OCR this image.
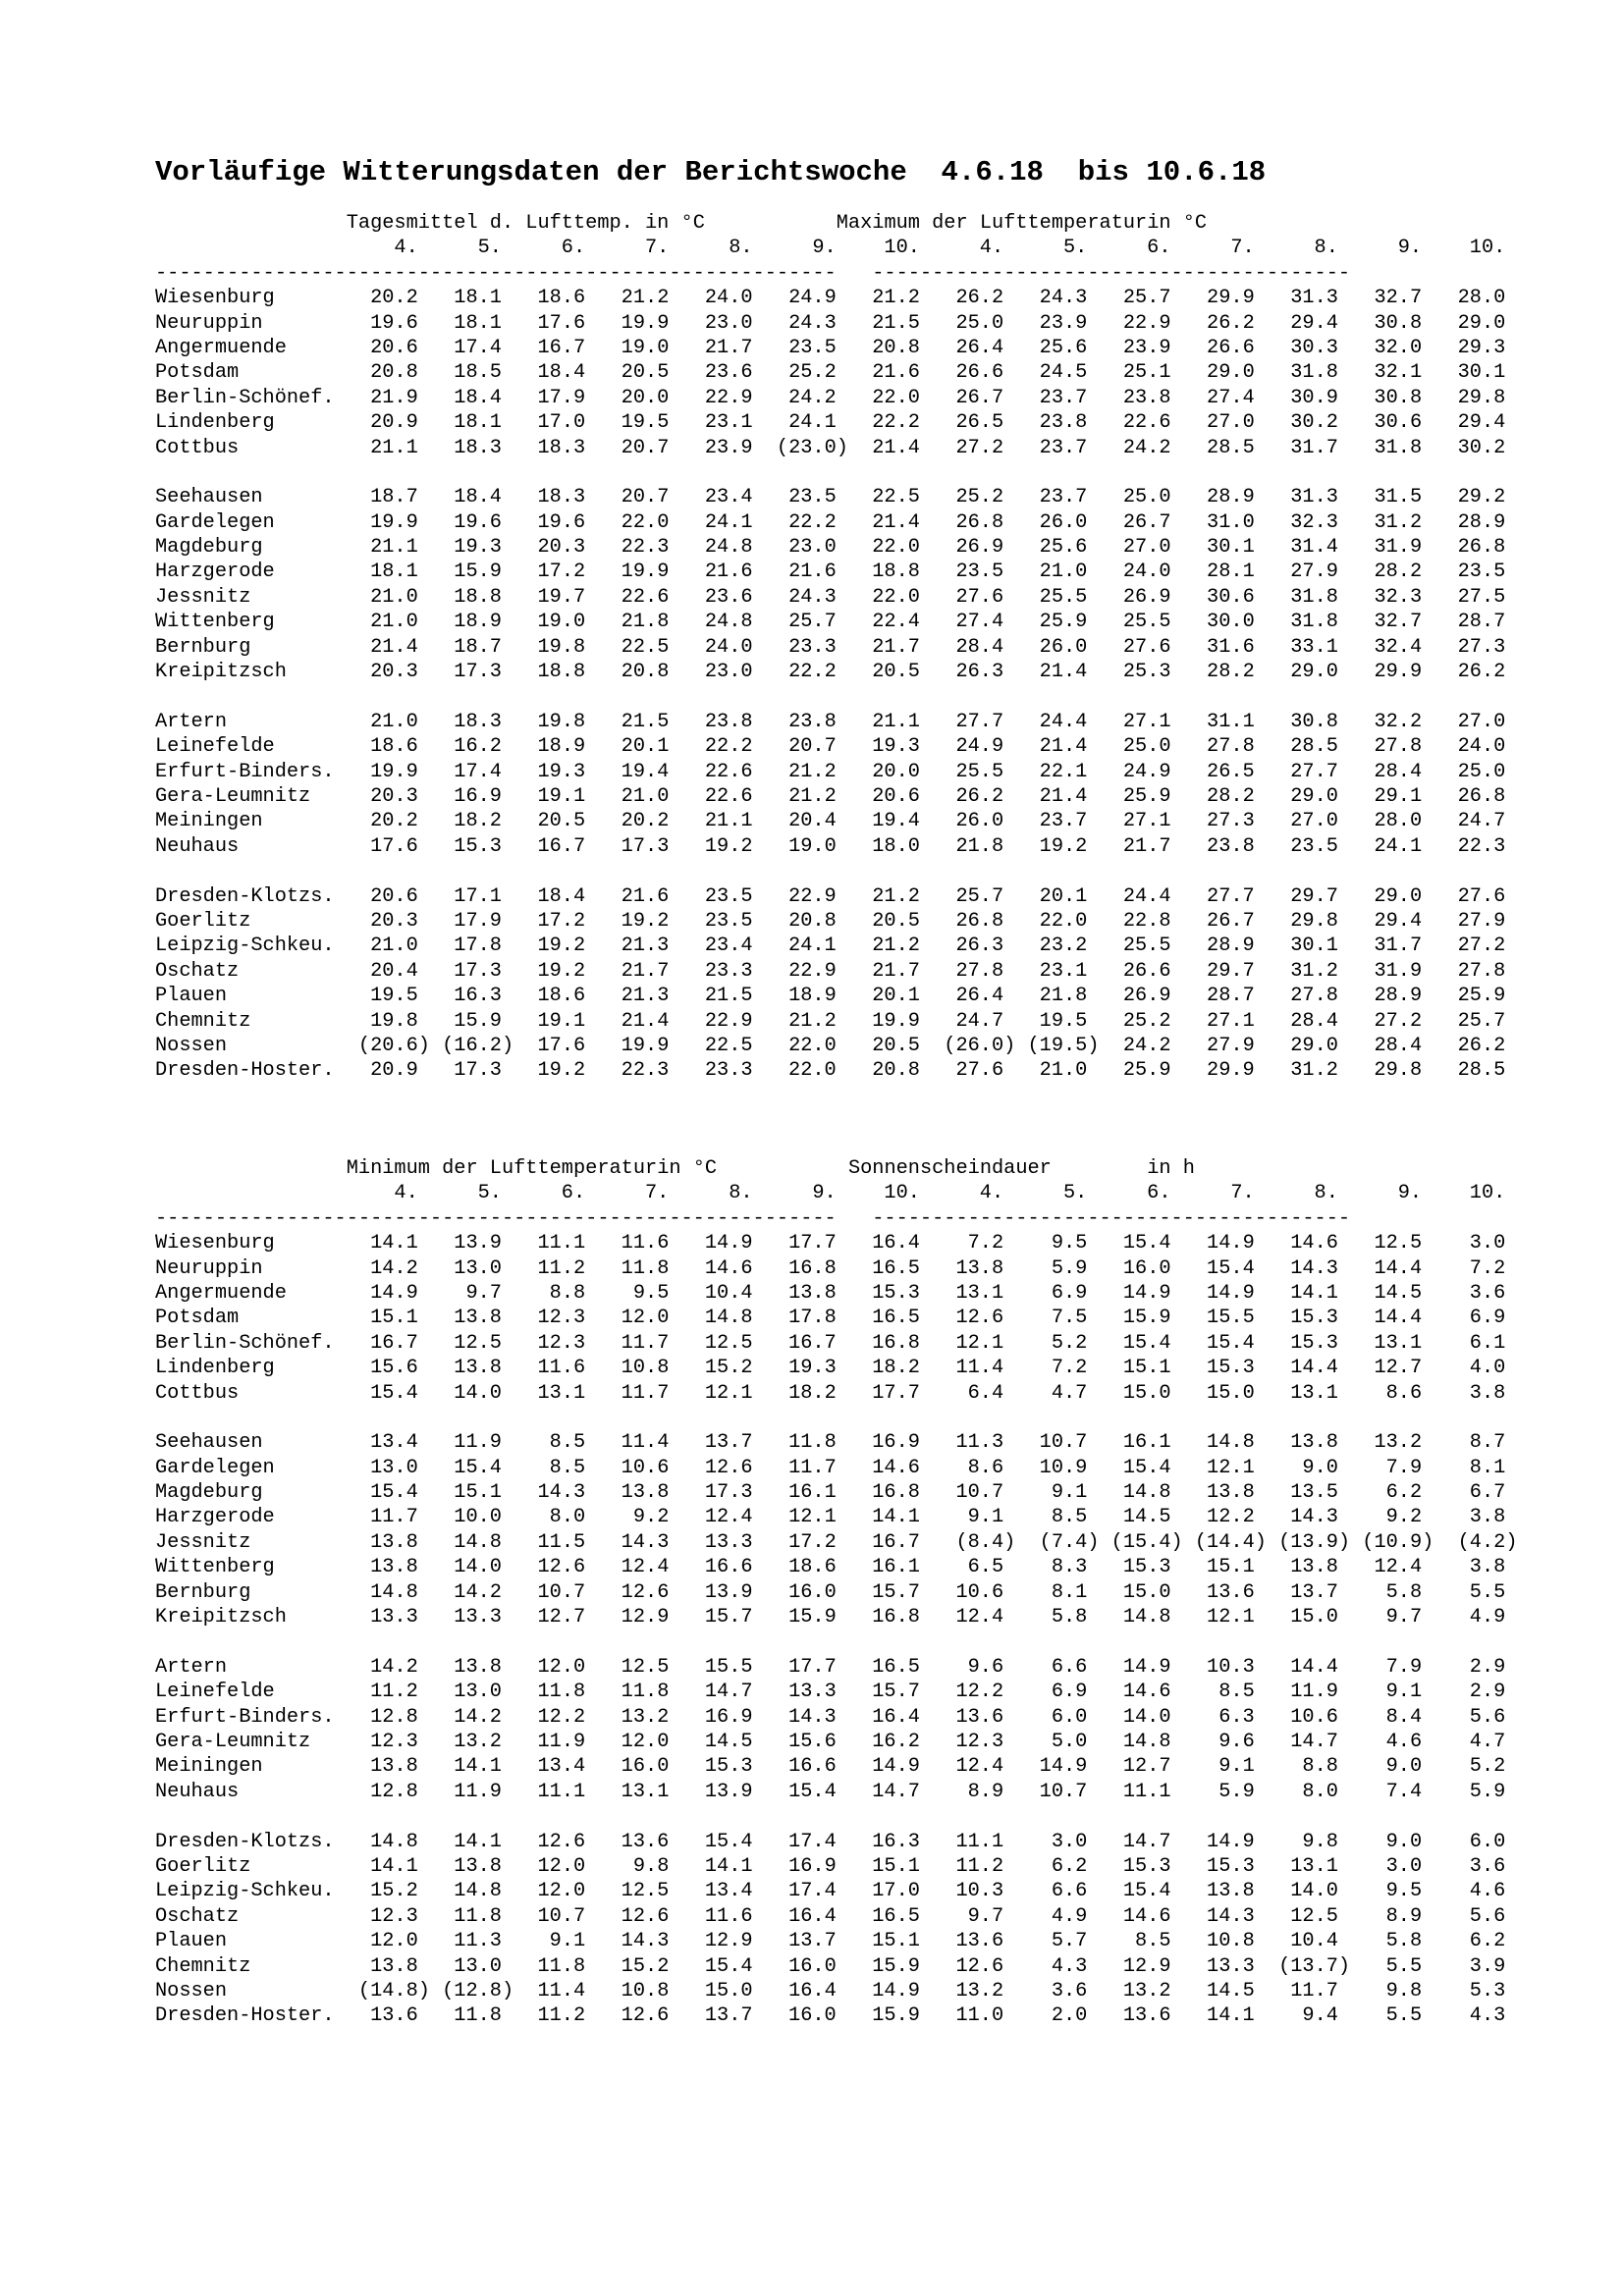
Vorläufige Witterungsdaten der Berichtswoche  4.6.18  bis 10.6.18
Tagesmittel d. Lufttemp. in °C	Maximum der Lufttemperaturin °C
4.     5.     6.     7.     8.     9.    10.     4.     5.     6.     7.     8.     9.    10.
---------------------------------------------------------   ----------------------------------------
Wiesenburg	20.2   18.1   18.6   21.2   24.0   24.9   21.2   26.2   24.3   25.7   29.9   31.3   32.7   28.0
Neuruppin	19.6   18.1   17.6   19.9   23.0   24.3   21.5   25.0   23.9   22.9   26.2   29.4   30.8   29.0
Angermuende       20.6   17.4   16.7   19.0   21.7   23.5   20.8   26.4   25.6   23.9   26.6   30.3   32.0   29.3
Potsdam	20.8   18.5   18.4   20.5   23.6   25.2   21.6   26.6   24.5   25.1   29.0   31.8   32.1   30.1
Berlin-Schönef.   21.9   18.4   17.9   20.0   22.9   24.2   22.0   26.7   23.7   23.8   27.4   30.9   30.8   29.8
Lindenberg	20.9   18.1   17.0   19.5   23.1   24.1   22.2   26.5   23.8   22.6   27.0   30.2   30.6   29.4
Cottbus	21.1   18.3   18.3   20.7   23.9  (23.0)  21.4   27.2   23.7   24.2   28.5   31.7   31.8   30.2
Seehausen	18.7   18.4   18.3   20.7   23.4   23.5   22.5   25.2   23.7   25.0   28.9   31.3   31.5   29.2
Gardelegen	19.9   19.6   19.6   22.0   24.1   22.2   21.4   26.8   26.0   26.7   31.0   32.3   31.2   28.9
Magdeburg	21.1   19.3   20.3   22.3   24.8   23.0   22.0   26.9   25.6   27.0   30.1   31.4   31.9   26.8
Harzgerode	18.1   15.9   17.2   19.9   21.6   21.6   18.8   23.5   21.0   24.0   28.1   27.9   28.2   23.5
Jessnitz	21.0   18.8   19.7   22.6   23.6   24.3   22.0   27.6   25.5   26.9   30.6   31.8   32.3   27.5
Wittenberg	21.0   18.9   19.0   21.8   24.8   25.7   22.4   27.4   25.9   25.5   30.0   31.8   32.7   28.7
Bernburg	21.4   18.7   19.8   22.5   24.0   23.3   21.7   28.4   26.0   27.6   31.6   33.1   32.4   27.3
Kreipitzsch       20.3   17.3   18.8   20.8   23.0   22.2   20.5   26.3   21.4   25.3   28.2   29.0   29.9   26.2
Artern	21.0   18.3   19.8   21.5   23.8   23.8   21.1   27.7   24.4   27.1   31.1   30.8   32.2   27.0
Leinefelde	18.6   16.2   18.9   20.1   22.2   20.7   19.3   24.9   21.4   25.0   27.8   28.5   27.8   24.0
Erfurt-Binders.   19.9   17.4   19.3   19.4   22.6   21.2   20.0   25.5   22.1   24.9   26.5   27.7   28.4   25.0
Gera-Leumnitz     20.3   16.9   19.1   21.0   22.6   21.2   20.6   26.2   21.4   25.9   28.2   29.0   29.1   26.8
Meiningen	20.2   18.2   20.5   20.2   21.1   20.4   19.4   26.0   23.7   27.1   27.3   27.0   28.0   24.7
Neuhaus	17.6   15.3   16.7   17.3   19.2   19.0   18.0   21.8   19.2   21.7   23.8   23.5   24.1   22.3
Dresden-Klotzs.   20.6   17.1   18.4   21.6   23.5   22.9   21.2   25.7   20.1   24.4   27.7   29.7   29.0   27.6
Goerlitz	20.3   17.9   17.2   19.2   23.5   20.8   20.5   26.8   22.0   22.8   26.7   29.8   29.4   27.9
Leipzig-Schkeu.   21.0   17.8   19.2   21.3   23.4   24.1   21.2   26.3   23.2   25.5   28.9   30.1   31.7   27.2
Oschatz	20.4   17.3   19.2   21.7   23.3   22.9   21.7   27.8   23.1   26.6   29.7   31.2   31.9   27.8
Plauen	19.5   16.3   18.6   21.3   21.5   18.9   20.1   26.4   21.8   26.9   28.7   27.8   28.9   25.9
Chemnitz	19.8   15.9   19.1   21.4   22.9   21.2   19.9   24.7   19.5   25.2   27.1   28.4   27.2   25.7
Nossen	(20.6) (16.2)  17.6   19.9   22.5   22.0   20.5  (26.0) (19.5)  24.2   27.9   29.0   28.4   26.2
Dresden-Hoster.   20.9   17.3   19.2   22.3   23.3   22.0   20.8   27.6   21.0   25.9   29.9   31.2   29.8   28.5
Minimum der Lufttemperaturin °C	Sonnenscheindauer	in h
4.     5.     6.     7.     8.     9.    10.     4.     5.     6.     7.     8.     9.    10.
---------------------------------------------------------   ----------------------------------------
Wiesenburg	14.1   13.9   11.1   11.6   14.9   17.7   16.4    7.2    9.5   15.4   14.9   14.6   12.5    3.0
Neuruppin	14.2   13.0   11.2   11.8   14.6   16.8   16.5   13.8    5.9   16.0   15.4   14.3   14.4    7.2
Angermuende       14.9    9.7    8.8    9.5   10.4   13.8   15.3   13.1    6.9   14.9   14.9   14.1   14.5    3.6
Potsdam	15.1   13.8   12.3   12.0   14.8   17.8   16.5   12.6    7.5   15.9   15.5   15.3   14.4    6.9
Berlin-Schönef.   16.7   12.5   12.3   11.7   12.5   16.7   16.8   12.1    5.2   15.4   15.4   15.3   13.1    6.1
Lindenberg	15.6   13.8   11.6   10.8   15.2   19.3   18.2   11.4    7.2   15.1   15.3   14.4   12.7    4.0
Cottbus	15.4   14.0   13.1   11.7   12.1   18.2   17.7    6.4    4.7   15.0   15.0   13.1    8.6    3.8
Seehausen	13.4   11.9    8.5   11.4   13.7   11.8   16.9   11.3   10.7   16.1   14.8   13.8   13.2    8.7
Gardelegen	13.0   15.4    8.5   10.6   12.6   11.7   14.6    8.6   10.9   15.4   12.1    9.0    7.9    8.1
Magdeburg	15.4   15.1   14.3   13.8   17.3   16.1   16.8   10.7    9.1   14.8   13.8   13.5    6.2    6.7
Harzgerode	11.7   10.0    8.0    9.2   12.4   12.1   14.1    9.1    8.5   14.5   12.2   14.3    9.2    3.8
Jessnitz	13.8   14.8   11.5   14.3   13.3   17.2   16.7   (8.4)  (7.4) (15.4) (14.4) (13.9) (10.9)  (4.2)
Wittenberg	13.8   14.0   12.6   12.4   16.6   18.6   16.1    6.5    8.3   15.3   15.1   13.8   12.4    3.8
Bernburg	14.8   14.2   10.7   12.6   13.9   16.0   15.7   10.6    8.1   15.0   13.6   13.7    5.8    5.5
Kreipitzsch       13.3   13.3   12.7   12.9   15.7   15.9   16.8   12.4    5.8   14.8   12.1   15.0    9.7    4.9
Artern	14.2   13.8   12.0   12.5   15.5   17.7   16.5    9.6    6.6   14.9   10.3   14.4    7.9    2.9
Leinefelde	11.2   13.0   11.8   11.8   14.7   13.3   15.7   12.2    6.9   14.6    8.5   11.9    9.1    2.9
Erfurt-Binders.   12.8   14.2   12.2   13.2   16.9   14.3   16.4   13.6    6.0   14.0    6.3   10.6    8.4    5.6
Gera-Leumnitz     12.3   13.2   11.9   12.0   14.5   15.6   16.2   12.3    5.0   14.8    9.6   14.7    4.6    4.7
Meiningen	13.8   14.1   13.4   16.0   15.3   16.6   14.9   12.4   14.9   12.7    9.1    8.8    9.0    5.2
Neuhaus	12.8   11.9   11.1   13.1   13.9   15.4   14.7    8.9   10.7   11.1    5.9    8.0    7.4    5.9
Dresden-Klotzs.   14.8   14.1   12.6   13.6   15.4   17.4   16.3   11.1    3.0   14.7   14.9    9.8    9.0    6.0
Goerlitz	14.1   13.8   12.0    9.8   14.1   16.9   15.1   11.2    6.2   15.3   15.3   13.1    3.0    3.6
Leipzig-Schkeu.   15.2   14.8   12.0   12.5   13.4   17.4   17.0   10.3    6.6   15.4   13.8   14.0    9.5    4.6
Oschatz	12.3   11.8   10.7   12.6   11.6   16.4   16.5    9.7    4.9   14.6   14.3   12.5    8.9    5.6
Plauen	12.0   11.3    9.1   14.3   12.9   13.7   15.1   13.6    5.7    8.5   10.8   10.4    5.8    6.2
Chemnitz	13.8   13.0   11.8   15.2   15.4   16.0   15.9   12.6    4.3   12.9   13.3  (13.7)   5.5    3.9
Nossen	(14.8) (12.8)  11.4   10.8   15.0   16.4   14.9   13.2    3.6   13.2   14.5   11.7    9.8    5.3
Dresden-Hoster.   13.6   11.8   11.2   12.6   13.7   16.0   15.9   11.0    2.0   13.6   14.1    9.4    5.5    4.3
